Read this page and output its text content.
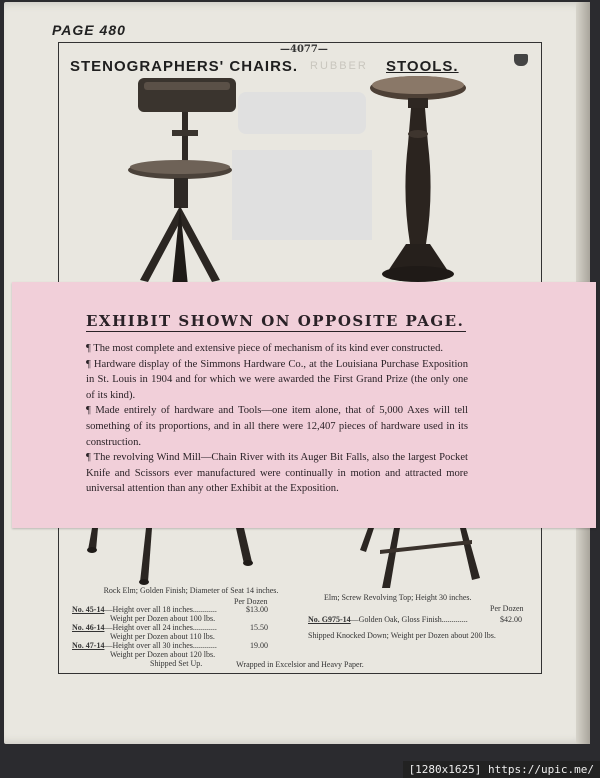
PAGE 480
— 4077 —
STENOGRAPHERS' CHAIRS. RUBBER STOOLS.
EXHIBIT SHOWN ON OPPOSITE PAGE.

¶ The most complete and extensive piece of mechanism of its kind ever constructed.

¶ Hardware display of the Simmons Hardware Co., at the Louisiana Purchase Exposition in St. Louis in 1904 and for which we were awarded the First Grand Prize (the only one of its kind).

¶ Made entirely of hardware and Tools—one item alone, that of 5,000 Axes will tell something of its proportions, and in all there were 12,407 pieces of hardware used in its construction.

¶ The revolving Wind Mill—Chain River with its Auger Bit Falls, also the largest Pocket Knife and Scissors ever manufactured were continually in motion and attracted more universal attention than any other Exhibit at the Exposition.

Rock Elm; Golden Finish; Diameter of Seat 14 inches.
Per Dozen
No. 45-14—Height over all 18 inches............	$13.00
Weight per Dozen about 100 lbs.
No. 46-14—Height over all 24 inches............	15.50
Weight per Dozen about 110 lbs.
No. 47-14—Height over all 30 inches............	19.00
Weight per Dozen about 120 lbs.
Shipped Set Up.
Elm; Screw Revolving Top; Height 30 inches.
Per Dozen
No. G975-14—Golden Oak, Gloss Finish.............	$42.00
Shipped Knocked Down; Weight per Dozen about 200 lbs.
Wrapped in Excelsior and Heavy Paper.
[1280x1625] https://upic.me/
